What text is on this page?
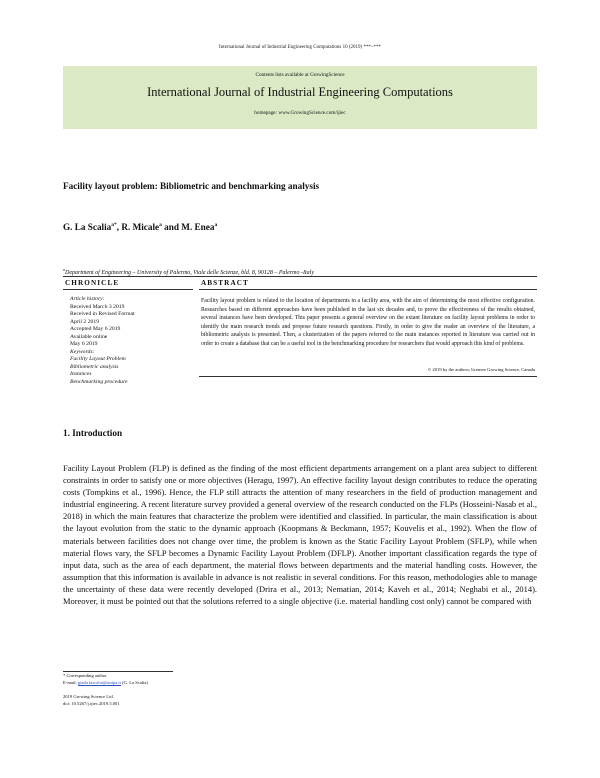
International Journal of Industrial Engineering Computations 10 (2019) ***–***
Contents lists available at GrowingScience
International Journal of Industrial Engineering Computations
homepage: www.GrowingScience.com/ijiec
Facility layout problem: Bibliometric and benchmarking analysis
G. La Scalia$^{a*}$, R. Micale$^a$ and M. Enea$^a$
$^a$Department of Engineering – University of Palermo, Viale delle Scienze, bld. 8, 90128 – Palermo -Italy
CHRONICLE	ABSTRACT
Article history:
Received March 3 2019
Received in Revised Format
April 2 2019
Accepted May 6 2019
Available online
May 6 2019
Keywords:
Facility Layout Problem
Bibliometric analysis
Instances
Benchmarking procedure
Facility layout problem is related to the location of departments in a facility area, with the aim of determining the most effective configuration. Researches based on different approaches have been published in the last six decades and, to prove the effectiveness of the results obtained, several instances have been developed. This paper presents a general overview on the extant literature on facility layout problems in order to identify the main research trends and propose future research questions. Firstly, in order to give the reader an overview of the literature, a bibliometric analysis is presented. Then, a clusterization of the papers referred to the main instances reported in literature was carried out in order to create a database that can be a useful tool in the benchmarking procedure for researchers that would approach this kind of problems.
© 2019 by the authors; licensee Growing Science, Canada
1. Introduction

Facility Layout Problem (FLP) is defined as the finding of the most efficient departments arrangement on a plant area subject to different constraints in order to satisfy one or more objectives (Heragu, 1997). An effective facility layout design contributes to reduce the operating costs (Tompkins et al., 1996). Hence, the FLP still attracts the attention of many researchers in the field of production management and industrial engineering. A recent literature survey provided a general overview of the research conducted on the FLPs (Hosseini-Nasab et al., 2018) in which the main features that characterize the problem were identified and classified. In particular, the main classification is about the layout evolution from the static to the dynamic approach (Koopmans & Beckmann, 1957; Kouvelis et al., 1992). When the flow of materials between facilities does not change over time, the problem is known as the Static Facility Layout Problem (SFLP), while when material flows vary, the SFLP becomes a Dynamic Facility Layout Problem (DFLP). Another important classification regards the type of input data, such as the area of each department, the material flows between departments and the material handling costs. However, the assumption that this information is available in advance is not realistic in several conditions. For this reason, methodologies able to manage the uncertainty of these data were recently developed (Drira et al., 2013; Nematian, 2014; Kaveh et al., 2014; Neghabi et al., 2014). Moreover, it must be pointed out that the solutions referred to a single objective (i.e. material handling cost only) cannot be compared with

* Corresponding author
E-mail: giada.lascalia@unipa.it (G. La Scalia)
2019 Growing Science Ltd.
doi: 10.5267/j.ijiec.2019.5.001
